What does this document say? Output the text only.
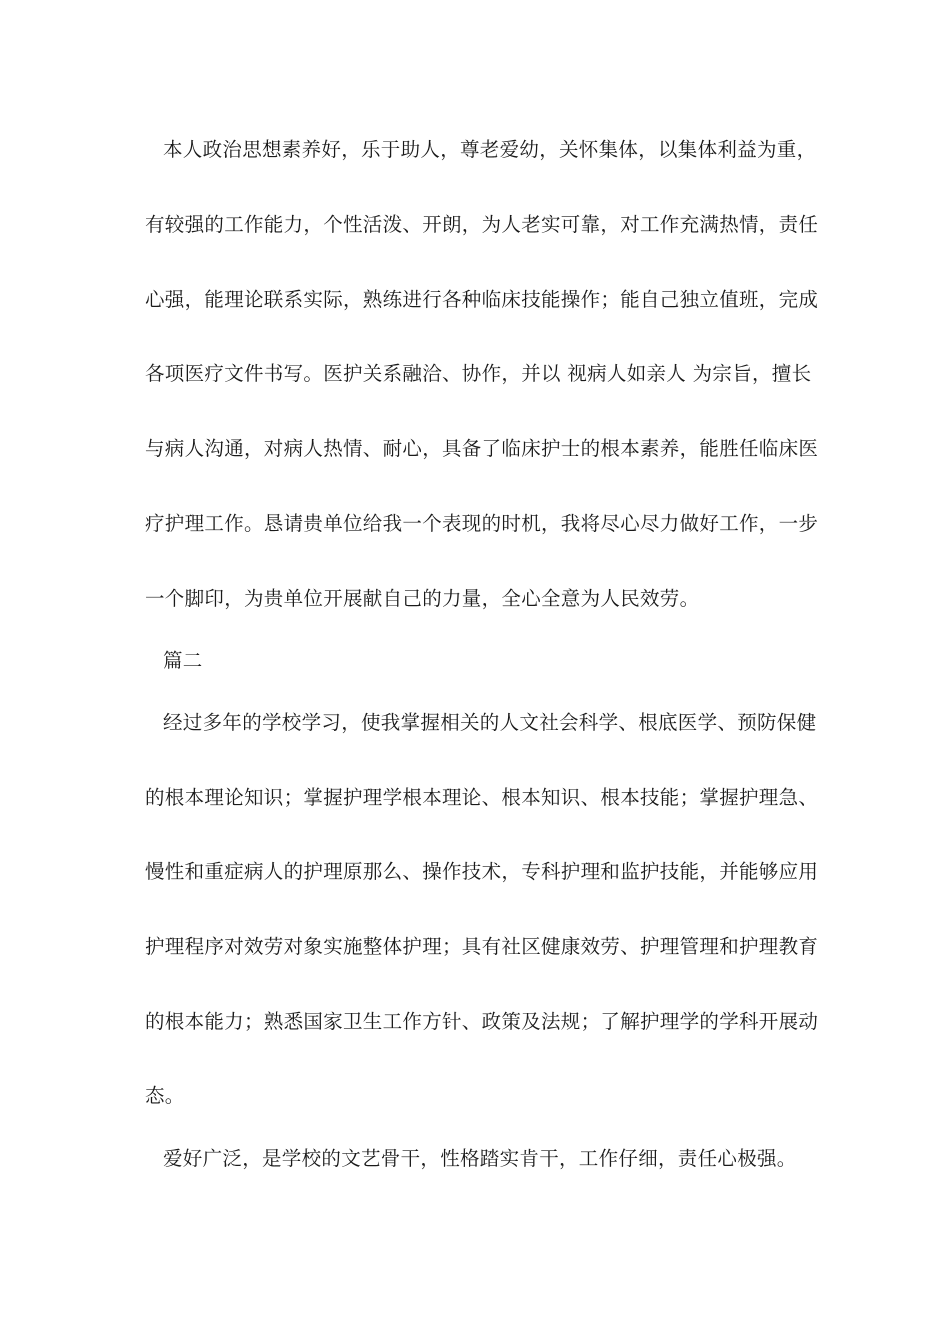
本人政治思想素养好，乐于助人，尊老爱幼，关怀集体，以集体利益为重，
有较强的工作能力，个性活泼、开朗，为人老实可靠，对工作充满热情，责任
心强，能理论联系实际，熟练进行各种临床技能操作；能自己独立值班，完成
各项医疗文件书写。医护关系融洽、协作，并以 视病人如亲人 为宗旨，擅长
与病人沟通，对病人热情、耐心，具备了临床护士的根本素养，能胜任临床医
疗护理工作。恳请贵单位给我一个表现的时机，我将尽心尽力做好工作，一步
一个脚印，为贵单位开展献自己的力量，全心全意为人民效劳。
篇二
经过多年的学校学习，使我掌握相关的人文社会科学、根底医学、预防保健
的根本理论知识；掌握护理学根本理论、根本知识、根本技能；掌握护理急、
慢性和重症病人的护理原那么、操作技术，专科护理和监护技能，并能够应用
护理程序对效劳对象实施整体护理；具有社区健康效劳、护理管理和护理教育
的根本能力；熟悉国家卫生工作方针、政策及法规；了解护理学的学科开展动
态。
爱好广泛，是学校的文艺骨干，性格踏实肯干，工作仔细，责任心极强。
